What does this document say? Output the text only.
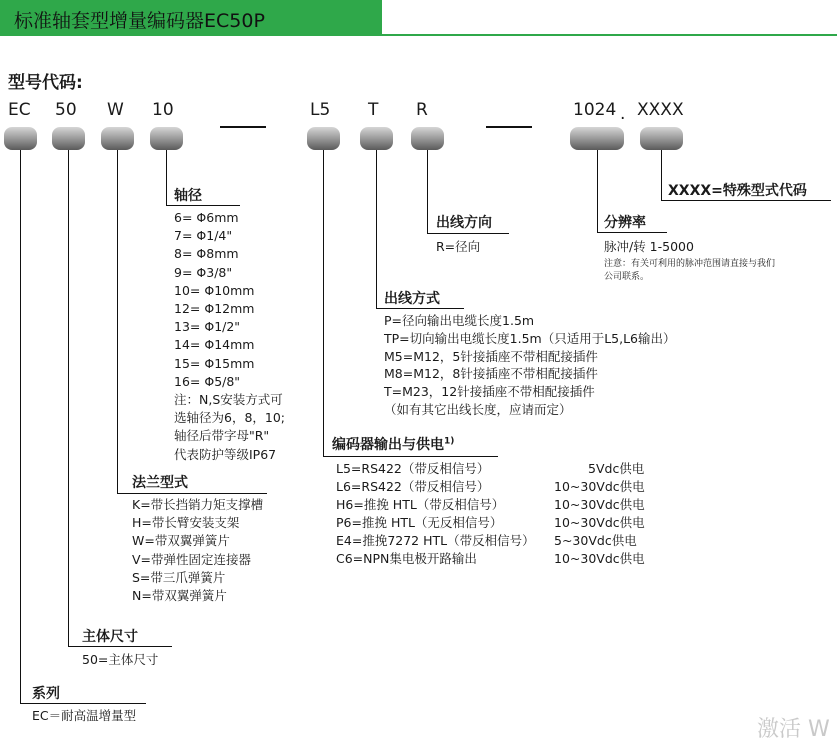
标准轴套型增量编码器EC50P
型号代码:
EC 50 W 10	L5 T R	1024 . XXXX
XXXX=特殊型式代码
出线方向
R=径向
分辨率
脉冲/转 1-5000
注意：有关可利用的脉冲范围请直接与我们
公司联系。
轴径
6= Φ6mm
7= Φ1/4"
8= Φ8mm
9= Φ3/8"
10= Φ10mm
12= Φ12mm
13= Φ1/2"
14= Φ14mm
15= Φ15mm
16= Φ5/8"
注：N,S安装方式可
选轴径为6，8，10;
轴径后带字母"R"
代表防护等级IP67
出线方式
P=径向输出电缆长度1.5m
TP=切向输出电缆长度1.5m（只适用于L5,L6输出）
M5=M12，5针接插座不带相配接插件
M8=M12，8针接插座不带相配接插件
T=M23，12针接插座不带相配接插件
（如有其它出线长度，应请而定）
编码器输出与供电$^{1)}$
L5=RS422（带反相信号）	5Vdc供电
L6=RS422（带反相信号）	10~30Vdc供电
H6=推挽 HTL（带反相信号）	10~30Vdc供电
P6=推挽 HTL（无反相信号）	10~30Vdc供电
E4=推挽7272 HTL（带反相信号） 5~30Vdc供电
C6=NPN集电极开路输出	10~30Vdc供电
法兰型式
K=带长挡销力矩支撑槽
H=带长臂安装支架
W=带双翼弹簧片
V=带弹性固定连接器
S=带三爪弹簧片
N=带双翼弹簧片
主体尺寸
50=主体尺寸
系列
EC＝耐高温增量型
激活 W
